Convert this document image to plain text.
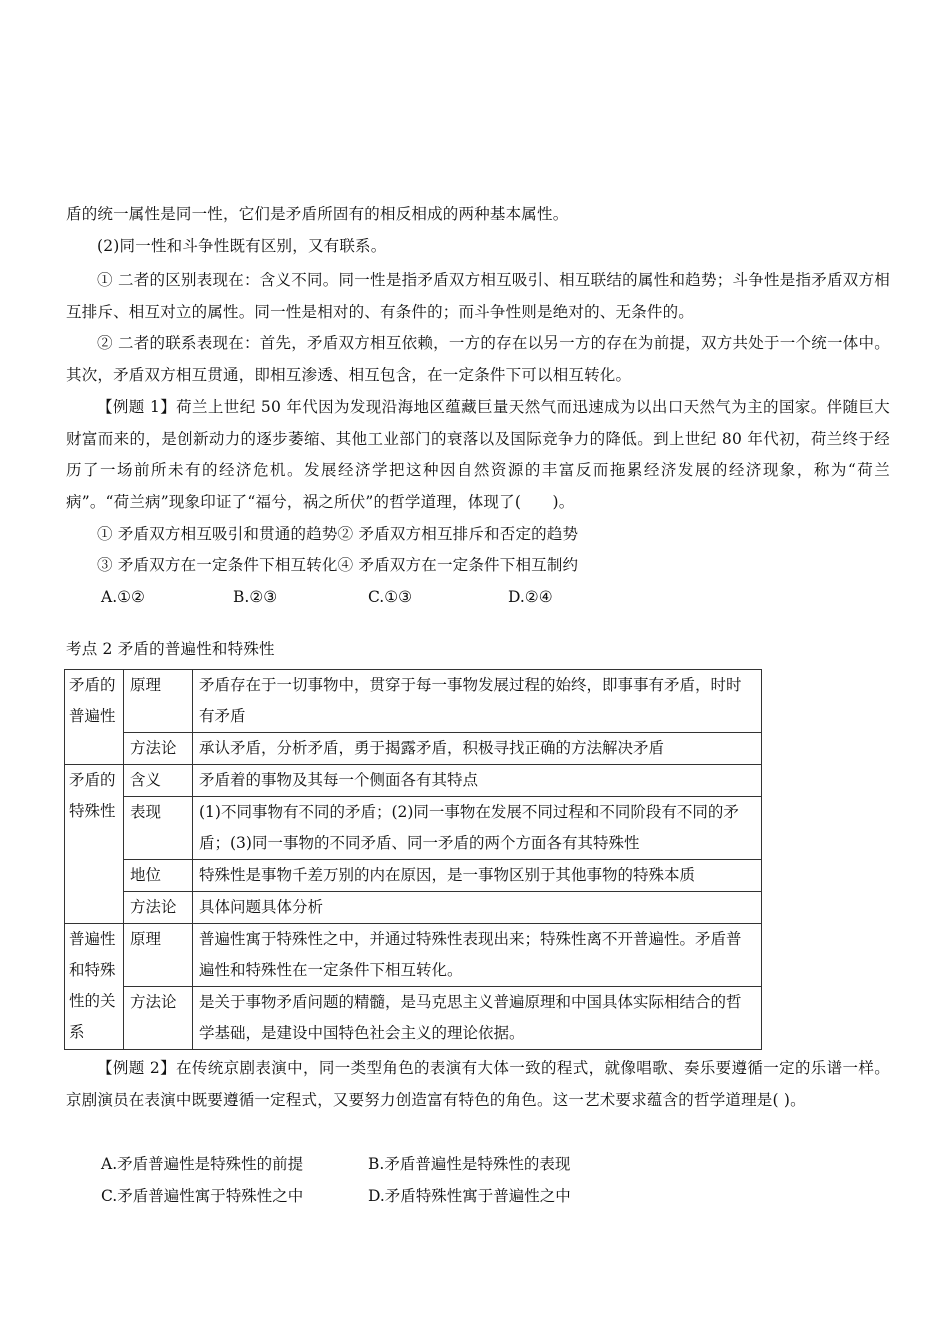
盾的统一属性是同一性，它们是矛盾所固有的相反相成的两种基本属性。

(2)同一性和斗争性既有区别，又有联系。

① 二者的区别表现在：含义不同。同一性是指矛盾双方相互吸引、相互联结的属性和趋势；斗争性是指矛盾双方相互排斥、相互对立的属性。同一性是相对的、有条件的；而斗争性则是绝对的、无条件的。

② 二者的联系表现在：首先，矛盾双方相互依赖，一方的存在以另一方的存在为前提，双方共处于一个统一体中。其次，矛盾双方相互贯通，即相互渗透、相互包含，在一定条件下可以相互转化。

【例题 1】荷兰上世纪 50 年代因为发现沿海地区蕴藏巨量天然气而迅速成为以出口天然气为主的国家。伴随巨大财富而来的，是创新动力的逐步萎缩、其他工业部门的衰落以及国际竞争力的降低。到上世纪 80 年代初，荷兰终于经历了一场前所未有的经济危机。发展经济学把这种因自然资源的丰富反而拖累经济发展的经济现象，称为“荷兰病”。“荷兰病”现象印证了“福兮，祸之所伏”的哲学道理，体现了(　　)。

① 矛盾双方相互吸引和贯通的趋势② 矛盾双方相互排斥和否定的趋势

③ 矛盾双方在一定条件下相互转化④ 矛盾双方在一定条件下相互制约

A.①②	B.②③	C.①③	D.②④

考点 2 矛盾的普遍性和特殊性

矛盾的普遍性	原理	矛盾存在于一切事物中，贯穿于每一事物发展过程的始终，即事事有矛盾，时时有矛盾
	方法论	承认矛盾，分析矛盾，勇于揭露矛盾，积极寻找正确的方法解决矛盾
矛盾的特殊性	含义	矛盾着的事物及其每一个侧面各有其特点
	表现	(1)不同事物有不同的矛盾；(2)同一事物在发展不同过程和不同阶段有不同的矛盾；(3)同一事物的不同矛盾、同一矛盾的两个方面各有其特殊性
	地位	特殊性是事物千差万别的内在原因，是一事物区别于其他事物的特殊本质
	方法论	具体问题具体分析
普遍性和特殊性的关系	原理	普遍性寓于特殊性之中，并通过特殊性表现出来；特殊性离不开普遍性。矛盾普遍性和特殊性在一定条件下相互转化。
	方法论	是关于事物矛盾问题的精髓，是马克思主义普遍原理和中国具体实际相结合的哲学基础，是建设中国特色社会主义的理论依据。

【例题 2】在传统京剧表演中，同一类型角色的表演有大体一致的程式，就像唱歌、奏乐要遵循一定的乐谱一样。京剧演员在表演中既要遵循一定程式，又要努力创造富有特色的角色。这一艺术要求蕴含的哲学道理是( )。

A.矛盾普遍性是特殊性的前提	B.矛盾普遍性是特殊性的表现
C.矛盾普遍性寓于特殊性之中	D.矛盾特殊性寓于普遍性之中
